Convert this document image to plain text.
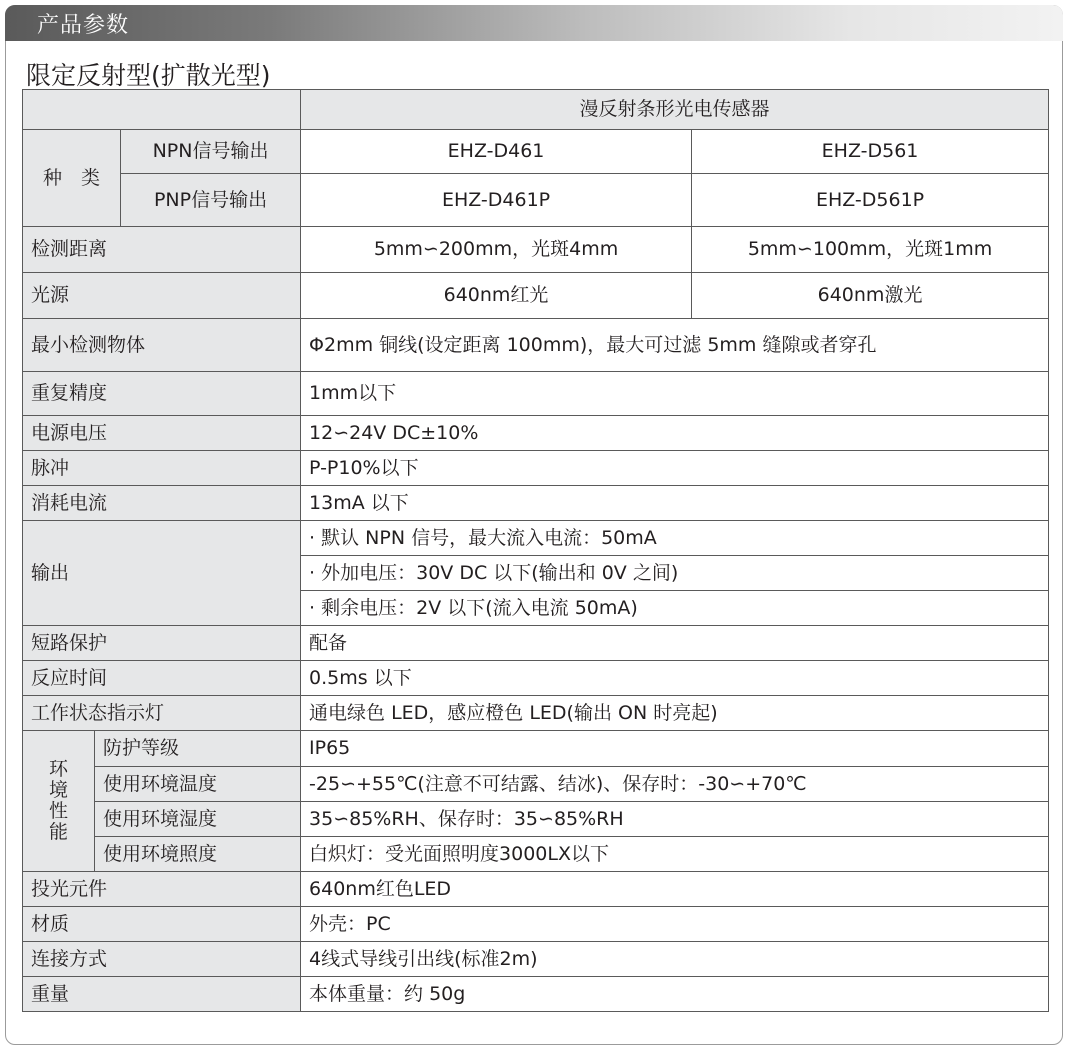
产品参数
限定反射型(扩散光型)
			漫反射条形光电传感器	
种　类		NPN信号输出	EHZ-D461	EHZ-D561
		PNP信号输出	EHZ-D461P	EHZ-D561P
检测距离			5mm∽200mm，光斑4mm	5mm∽100mm，光斑1mm
光源			640nm红光	640nm激光
最小检测物体			Φ2mm 铜线(设定距离 100mm)，最大可过滤 5mm 缝隙或者穿孔	
重复精度			1mm以下	
电源电压			12∽24V DC±10%	
脉冲			P-P10%以下	
消耗电流			13mA 以下	
输出			· 默认 NPN 信号，最大流入电流：50mA	
			· 外加电压：30V DC 以下(输出和 0V 之间)	
			· 剩余电压：2V 以下(流入电流 50mA)	
短路保护			配备	
反应时间			0.5ms 以下	
工作状态指示灯			通电绿色 LED，感应橙色 LED(输出 ON 时亮起)	

环
境
性
能	防护等级		IP65	
	使用环境温度		-25∽+55℃(注意不可结露、结冰)、保存时：-30∽+70℃	
	使用环境湿度		35∽85%RH、保存时：35∽85%RH	
	使用环境照度		白炽灯：受光面照明度3000LX以下	
投光元件			640nm红色LED	
材质			外壳：PC	
连接方式			4线式导线引出线(标准2m)	
重量			本体重量：约 50g	
